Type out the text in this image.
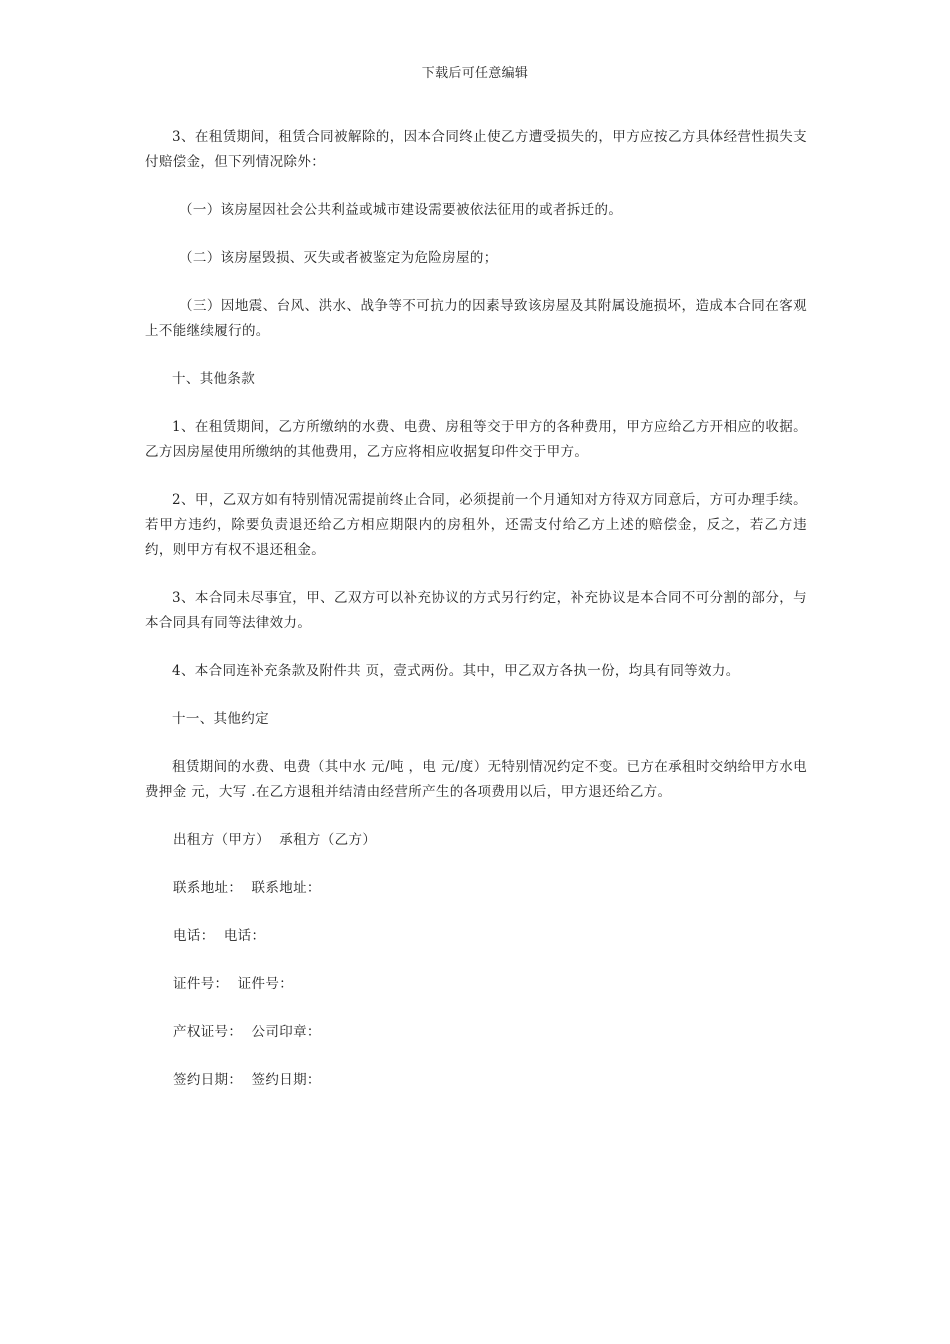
下载后可任意编辑

3、在租赁期间，租赁合同被解除的，因本合同终止使乙方遭受损失的，甲方应按乙方具体经营性损失支付赔偿金，但下列情况除外：

（一）该房屋因社会公共利益或城市建设需要被依法征用的或者拆迁的。

（二）该房屋毁损、灭失或者被鉴定为危险房屋的；

（三）因地震、台风、洪水、战争等不可抗力的因素导致该房屋及其附属设施损坏，造成本合同在客观上不能继续履行的。

十、其他条款

1、在租赁期间，乙方所缴纳的水费、电费、房租等交于甲方的各种费用，甲方应给乙方开相应的收据。乙方因房屋使用所缴纳的其他费用，乙方应将相应收据复印件交于甲方。

2、甲，乙双方如有特别情况需提前终止合同，必须提前一个月通知对方待双方同意后，方可办理手续。若甲方违约，除要负责退还给乙方相应期限内的房租外，还需支付给乙方上述的赔偿金，反之，若乙方违约，则甲方有权不退还租金。

3、本合同未尽事宜，甲、乙双方可以补充协议的方式另行约定，补充协议是本合同不可分割的部分，与本合同具有同等法律效力。

4、本合同连补充条款及附件共 页，壹式两份。其中，甲乙双方各执一份，均具有同等效力。

十一、其他约定

租赁期间的水费、电费（其中水 元/吨 ，电 元/度）无特别情况约定不变。已方在承租时交纳给甲方水电费押金 元，大写 .在乙方退租并结清由经营所产生的各项费用以后，甲方退还给乙方。

出租方（甲方）  承租方（乙方）

联系地址：  联系地址：

电话：  电话：

证件号：  证件号：

产权证号：  公司印章：

签约日期：  签约日期：
